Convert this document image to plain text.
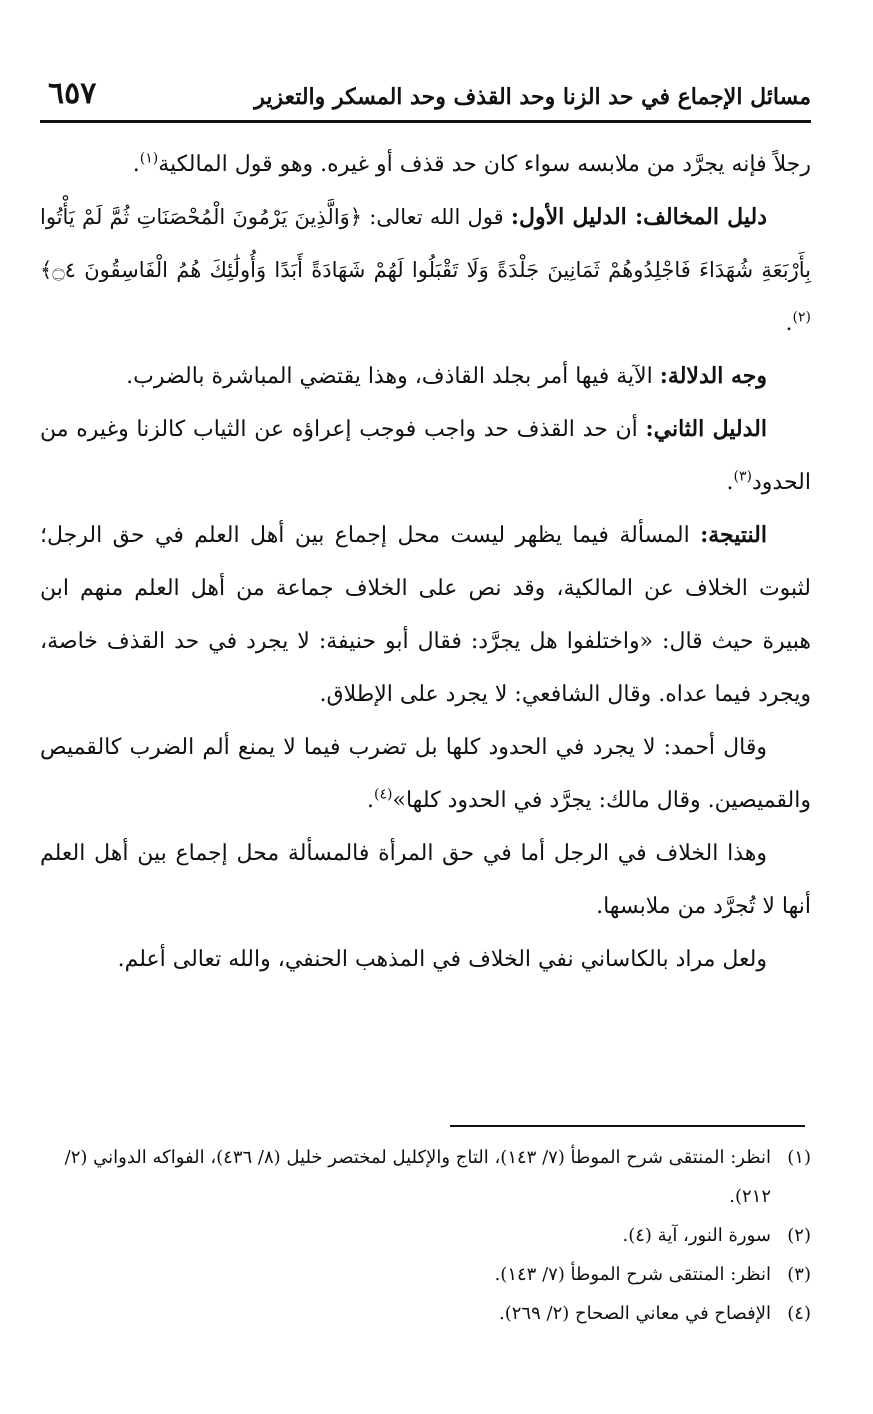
مسائل الإجماع في حد الزنا وحد القذف وحد المسكر والتعزير
٦٥٧

رجلاً فإنه يجرَّد من ملابسه سواء كان حد قذف أو غيره. وهو قول المالكية$^{(١)}$.

دليل المخالف: الدليل الأول: قول الله تعالى: ﴿وَالَّذِينَ يَرْمُونَ الْمُحْصَنَاتِ ثُمَّ لَمْ يَأْتُوا بِأَرْبَعَةِ شُهَدَاءَ فَاجْلِدُوهُمْ ثَمَانِينَ جَلْدَةً وَلَا تَقْبَلُوا لَهُمْ شَهَادَةً أَبَدًا وَأُولَٰئِكَ هُمُ الْفَاسِقُونَ ۝٤﴾$^{(٢)}$.

وجه الدلالة: الآية فيها أمر بجلد القاذف، وهذا يقتضي المباشرة بالضرب.

الدليل الثاني: أن حد القذف حد واجب فوجب إعراؤه عن الثياب كالزنا وغيره من الحدود$^{(٣)}$.

النتيجة: المسألة فيما يظهر ليست محل إجماع بين أهل العلم في حق الرجل؛ لثبوت الخلاف عن المالكية، وقد نص على الخلاف جماعة من أهل العلم منهم ابن هبيرة حيث قال: «واختلفوا هل يجرَّد: فقال أبو حنيفة: لا يجرد في حد القذف خاصة، ويجرد فيما عداه. وقال الشافعي: لا يجرد على الإطلاق.

وقال أحمد: لا يجرد في الحدود كلها بل تضرب فيما لا يمنع ألم الضرب كالقميص والقميصين. وقال مالك: يجرَّد في الحدود كلها»$^{(٤)}$.

وهذا الخلاف في الرجل أما في حق المرأة فالمسألة محل إجماع بين أهل العلم أنها لا تُجرَّد من ملابسها.

ولعل مراد بالكاساني نفي الخلاف في المذهب الحنفي، والله تعالى أعلم.

(١)
انظر: المنتقى شرح الموطأ (٧/ ١٤٣)، التاج والإكليل لمختصر خليل (٨/ ٤٣٦)، الفواكه الدواني (٢/ ٢١٢).

(٢)
سورة النور، آية (٤).

(٣)
انظر: المنتقى شرح الموطأ (٧/ ١٤٣).

(٤)
الإفصاح في معاني الصحاح (٢/ ٢٦٩).
